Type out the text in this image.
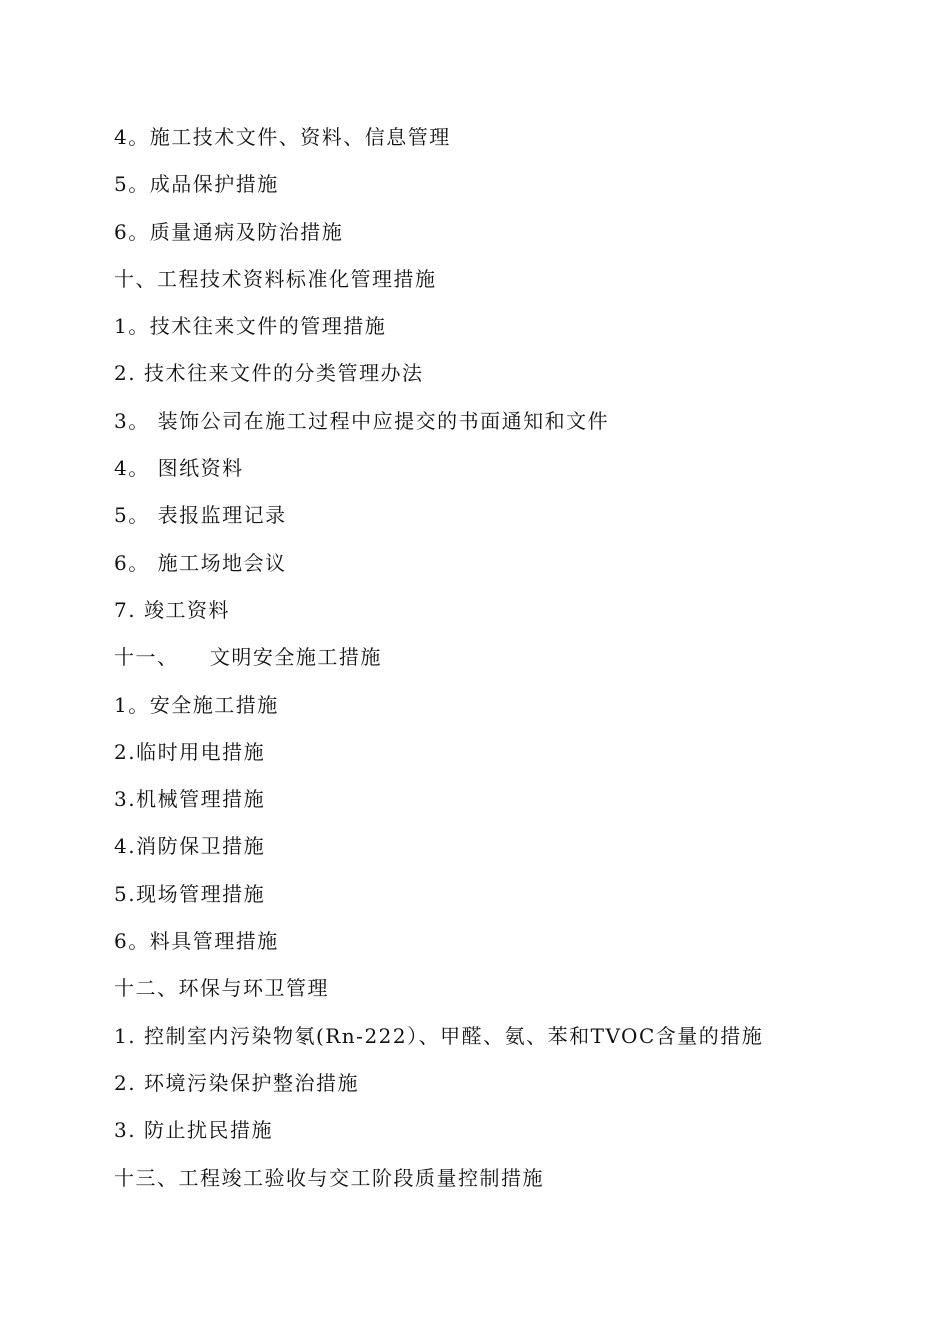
4。施工技术文件、资料、信息管理
5。成品保护措施
6。质量通病及防治措施
十、工程技术资料标准化管理措施
1。技术往来文件的管理措施
2. 技术往来文件的分类管理办法
3。 装饰公司在施工过程中应提交的书面通知和文件
4。 图纸资料
5。 表报监理记录
6。 施工场地会议
7. 竣工资料
十一、    文明安全施工措施
1。安全施工措施
2.临时用电措施
3.机械管理措施
4.消防保卫措施
5.现场管理措施
6。料具管理措施
十二、环保与环卫管理
1. 控制室内污染物氡(Rn-222）、甲醛、氨、苯和TVOC含量的措施
2. 环境污染保护整治措施
3. 防止扰民措施
十三、工程竣工验收与交工阶段质量控制措施
